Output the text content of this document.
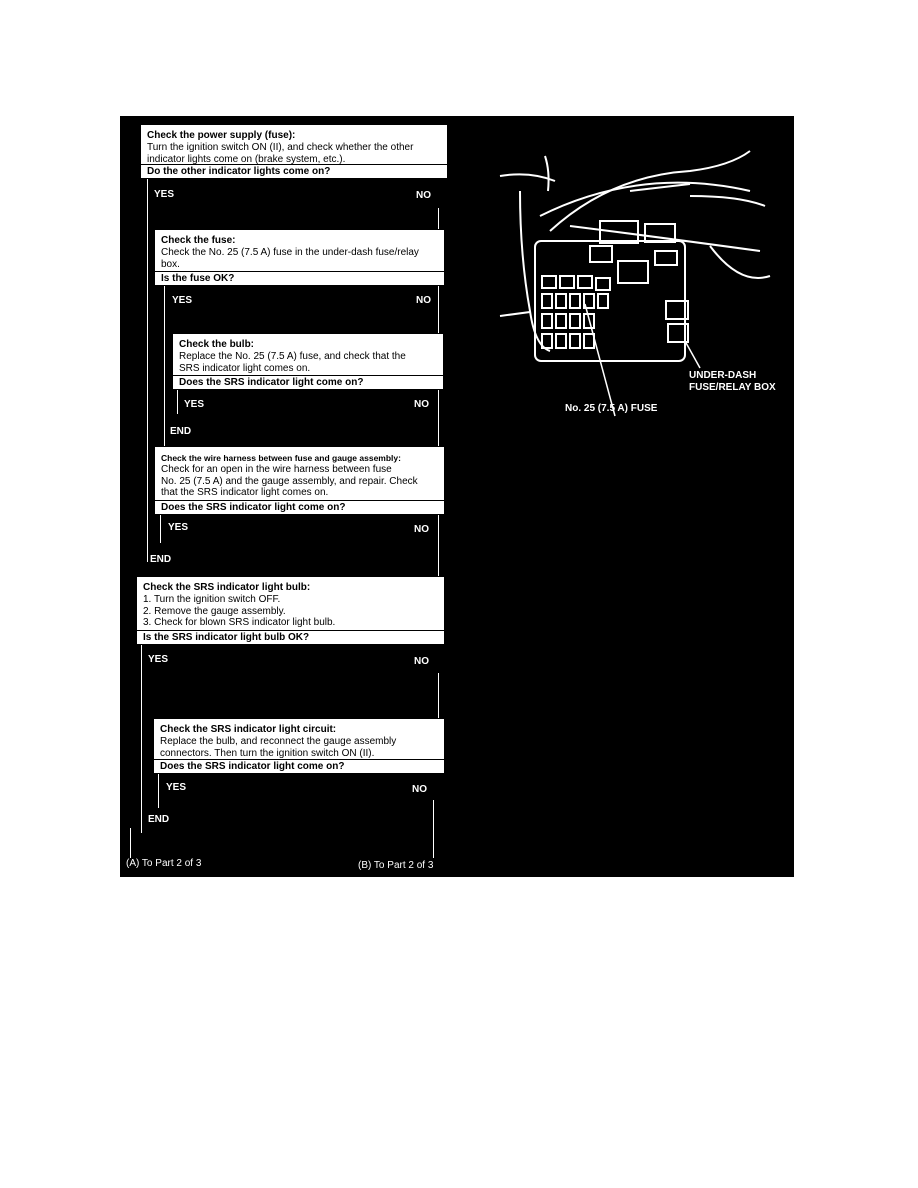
Check the power supply (fuse):
Turn the ignition switch ON (II), and check whether the other
indicator lights come on (brake system, etc.).
Do the other indicator lights come on?
YES	NO
Check the fuse:
Check the No. 25 (7.5 A) fuse in the under-dash fuse/relay
box.
Is the fuse OK?
YES	NO
Check the bulb:
Replace the No. 25 (7.5 A) fuse, and check that the
SRS indicator light comes on.
Does the SRS indicator light come on?
YES	NO
END
Check the wire harness between fuse and gauge assembly:
Check for an open in the wire harness between fuse
No. 25 (7.5 A) and the gauge assembly, and repair. Check
that the SRS indicator light comes on.
Does the SRS indicator light come on?
YES	NO
END
Check the SRS indicator light bulb:
1. Turn the ignition switch OFF.
2. Remove the gauge assembly.
3. Check for blown SRS indicator light bulb.
Is the SRS indicator light bulb OK?
YES	NO
Check the SRS indicator light circuit:
Replace the bulb, and reconnect the gauge assembly
connectors. Then turn the ignition switch ON (II).
Does the SRS indicator light come on?
YES	NO
END
(A) To Part 2 of 3	(B) To Part 2 of 3
UNDER-DASH
FUSE/RELAY BOX
No. 25 (7.5 A) FUSE
